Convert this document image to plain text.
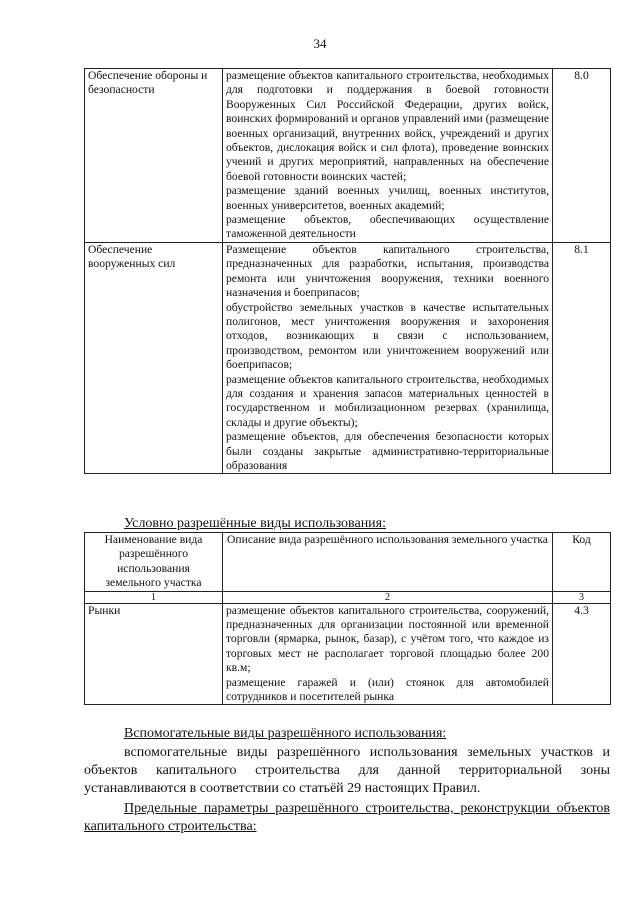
34
Обеспечение обороны и безопасности	размещение объектов капитального строительства, необходимых для подготовки и поддержания в боевой готовности Вооруженных Сил Российской Федерации, других войск, воинских формирований и органов управлений ими (размещение военных организаций, внутренних войск, учреждений и других объектов, дислокация войск и сил флота), проведение воинских учений и других мероприятий, направленных на обеспечение боевой готовности воинских частей;
размещение зданий военных училищ, военных институтов, военных университетов, военных академий;
размещение объектов, обеспечивающих осуществление таможенной деятельности	8.0
Обеспечение вооруженных сил	Размещение объектов капитального строительства, предназначенных для разработки, испытания, производства ремонта или уничтожения вооружения, техники военного назначения и боеприпасов;
обустройство земельных участков в качестве испытательных полигонов, мест уничтожения вооружения и захоронения отходов, возникающих в связи с использованием, производством, ремонтом или уничтожением вооружений или боеприпасов;
размещение объектов капитального строительства, необходимых для создания и хранения запасов материальных ценностей в государственном и мобилизационном резервах (хранилища, склады и другие объекты);
размещение объектов, для обеспечения безопасности которых были созданы закрытые административно-территориальные образования	8.1
Условно разрешённые виды использования:
Наименование вида разрешённого использования земельного участка	Описание вида разрешённого использования земельного участка	Код
1	2	3
Рынки	размещение объектов капитального строительства, сооружений, предназначенных для организации постоянной или временной торговли (ярмарка, рынок, базар), с учётом того, что каждое из торговых мест не располагает торговой площадью более 200 кв.м;
размещение гаражей и (или) стоянок для автомобилей сотрудников и посетителей рынка	4.3
Вспомогательные виды разрешённого использования:
вспомогательные виды разрешённого использования земельных участков и объектов капитального строительства для данной территориальной зоны устанавливаются в соответствии со статьёй 29 настоящих Правил.
Предельные параметры разрешённого строительства, реконструкции объектов капитального строительства:
